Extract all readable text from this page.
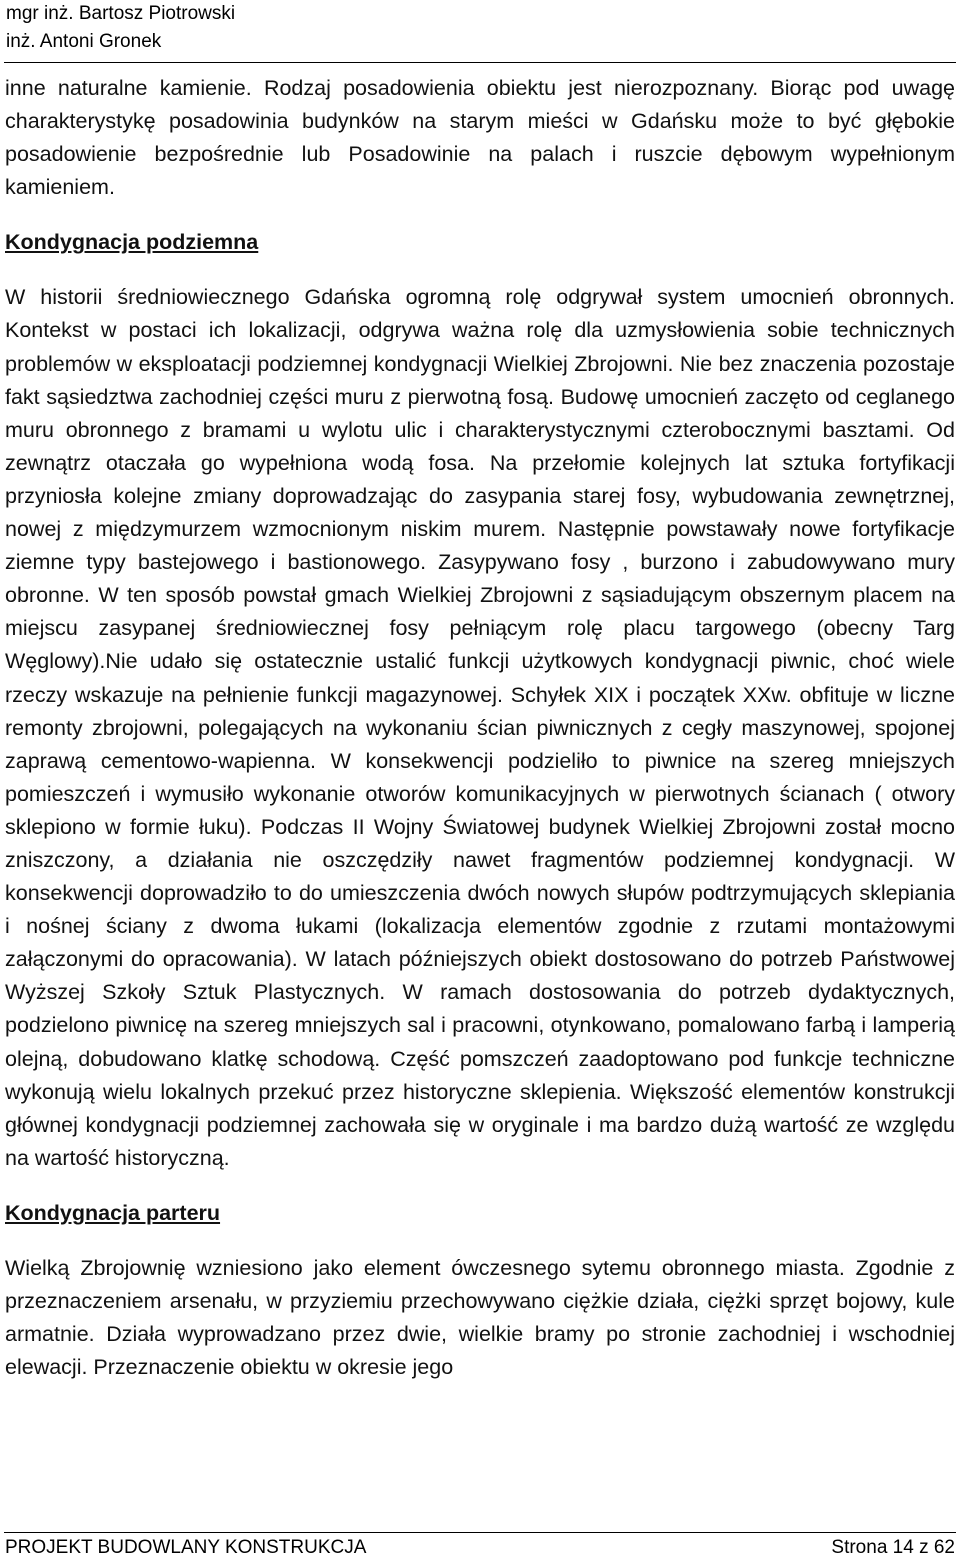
mgr inż. Bartosz Piotrowski
inż. Antoni Gronek

inne naturalne kamienie. Rodzaj posadowienia obiektu jest nierozpoznany. Biorąc pod uwagę charakterystykę posadowinia budynków na starym mieści w Gdańsku może to być głębokie posadowienie bezpośrednie lub Posadowinie na palach i ruszcie dębowym wypełnionym kamieniem.

Kondygnacja podziemna

W historii średniowiecznego Gdańska ogromną rolę odgrywał system umocnień obronnych. Kontekst w postaci ich lokalizacji, odgrywa ważna rolę dla uzmysłowienia sobie technicznych problemów w eksploatacji podziemnej kondygnacji Wielkiej Zbrojowni. Nie bez znaczenia pozostaje fakt sąsiedztwa zachodniej części muru z pierwotną fosą. Budowę umocnień zaczęto od ceglanego muru obronnego z bramami u wylotu ulic i charakterystycznymi czterobocznymi basztami. Od zewnątrz otaczała go wypełniona wodą fosa. Na przełomie kolejnych lat sztuka fortyfikacji przyniosła kolejne zmiany doprowadzając do zasypania starej fosy, wybudowania zewnętrznej, nowej z międzymurzem wzmocnionym niskim murem. Następnie powstawały nowe fortyfikacje ziemne typy bastejowego i bastionowego. Zasypywano fosy , burzono i zabudowywano mury obronne. W ten sposób powstał gmach Wielkiej Zbrojowni z sąsiadującym obszernym placem na miejscu zasypanej średniowiecznej fosy pełniącym rolę placu targowego (obecny Targ Węglowy).Nie udało się ostatecznie ustalić funkcji użytkowych kondygnacji piwnic, choć wiele rzeczy wskazuje na pełnienie funkcji magazynowej. Schyłek XIX i początek XXw. obfituje w liczne remonty zbrojowni, polegających na wykonaniu ścian piwnicznych z cegły maszynowej, spojonej zaprawą cementowo-wapienna. W konsekwencji podzieliło to piwnice na szereg mniejszych pomieszczeń i wymusiło wykonanie otworów komunikacyjnych w pierwotnych ścianach ( otwory sklepiono w formie łuku). Podczas II Wojny Światowej budynek Wielkiej Zbrojowni został mocno zniszczony, a działania nie oszczędziły nawet fragmentów podziemnej kondygnacji. W konsekwencji doprowadziło to do umieszczenia dwóch nowych słupów podtrzymujących sklepiania i nośnej ściany z dwoma łukami (lokalizacja elementów zgodnie z rzutami montażowymi załączonymi do opracowania). W latach późniejszych obiekt dostosowano do potrzeb Państwowej Wyższej Szkoły Sztuk Plastycznych. W ramach dostosowania do potrzeb dydaktycznych, podzielono piwnicę na szereg mniejszych sal i pracowni, otynkowano, pomalowano farbą i lamperią olejną, dobudowano klatkę schodową. Część pomszczeń zaadoptowano pod funkcje techniczne wykonują wielu lokalnych przekuć przez historyczne sklepienia. Większość elementów konstrukcji głównej kondygnacji podziemnej zachowała się w oryginale i ma bardzo dużą wartość ze względu na wartość historyczną.

Kondygnacja parteru

Wielką Zbrojownię wzniesiono jako element ówczesnego sytemu obronnego miasta. Zgodnie z przeznaczeniem arsenału, w przyziemiu przechowywano ciężkie działa, ciężki sprzęt bojowy, kule armatnie. Działa wyprowadzano przez dwie, wielkie bramy po stronie zachodniej i wschodniej elewacji. Przeznaczenie obiektu w okresie jego

PROJEKT BUDOWLANY KONSTRUKCJA	Strona 14 z 62
